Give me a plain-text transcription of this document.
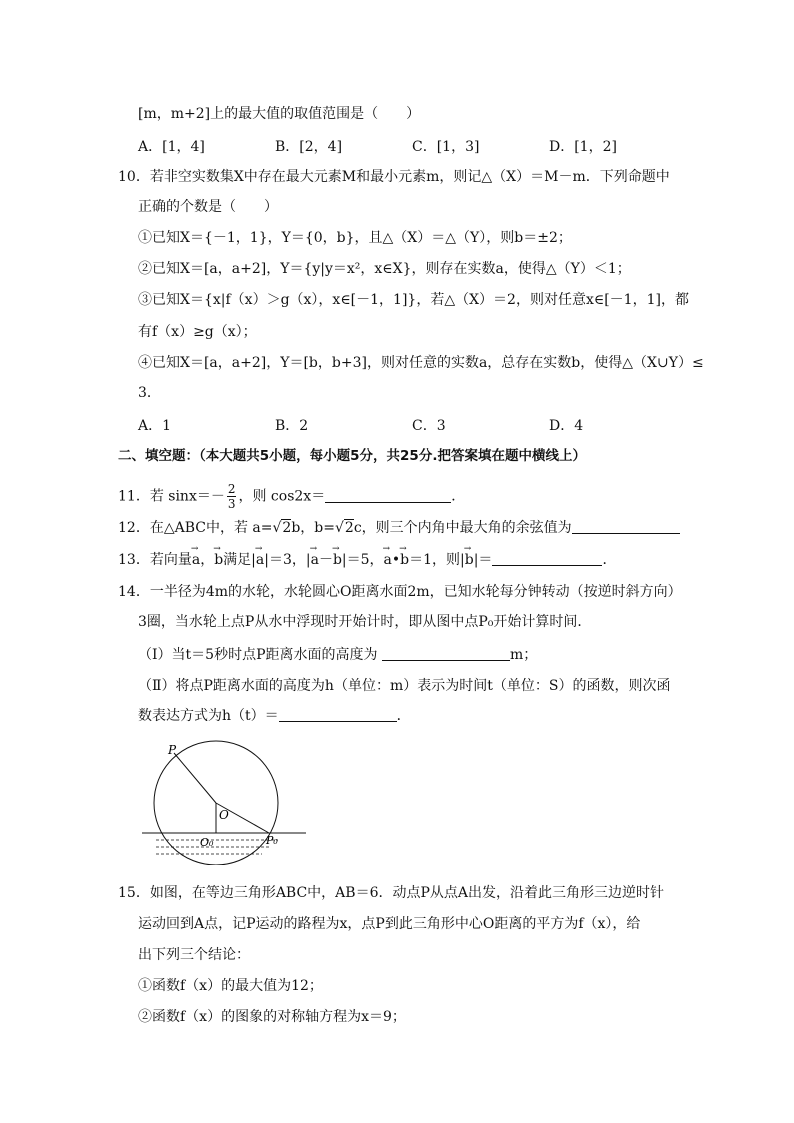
[m，m+2]上的最大值的取值范围是（　　）
A．[1，4]	B．[2，4]	C．[1，3]	D．[1，2]
10．若非空实数集X中存在最大元素M和最小元素m，则记△（X）＝M－m．下列命题中
正确的个数是（　　）
①已知X＝{－1，1}，Y＝{0，b}，且△（X）＝△（Y），则b＝±2；
②已知X＝[a，a+2]，Y＝{y|y＝x²，x∈X}，则存在实数a，使得△（Y）＜1；
③已知X＝{x|f（x）＞g（x），x∈[－1，1]}，若△（X）＝2，则对任意x∈[－1，1]，都
有f（x）≥g（x）；
④已知X＝[a，a+2]，Y＝[b，b+3]，则对任意的实数a，总存在实数b，使得△（X∪Y）≤
3．
A．1	B．2	C．3	D．4
二、填空题：（本大题共5小题，每小题5分，共25分.把答案填在题中横线上）
11．若 $\sin x=- \frac{2}{3}$ ，则 cos2x＝	．
12．在△ABC中，若 a=√2b，b=√2c，则三个内角中最大角的余弦值为
13．若向量→ a，→ b满足|→ a|＝3，|→ a－→ b|＝5，→ a•→ b＝1，则|→ b|＝	．
14．一半径为4m的水轮，水轮圆心O距离水面2m，已知水轮每分钟转动（按逆时斜方向）
3圈，当水轮上点P从水中浮现时开始计时，即从图中点P₀开始计算时间．
（Ⅰ）当t＝5秒时点P距离水面的高度为	m；
（Ⅱ）将点P距离水面的高度为h（单位：m）表示为时间t（单位：S）的函数，则次函
数表达方式为h（t）＝	．
P
O
O₀	P₀
15．如图，在等边三角形ABC中，AB＝6．动点P从点A出发，沿着此三角形三边逆时针
运动回到A点，记P运动的路程为x，点P到此三角形中心O距离的平方为f（x），给
出下列三个结论：
①函数f（x）的最大值为12；
②函数f（x）的图象的对称轴方程为x＝9；
